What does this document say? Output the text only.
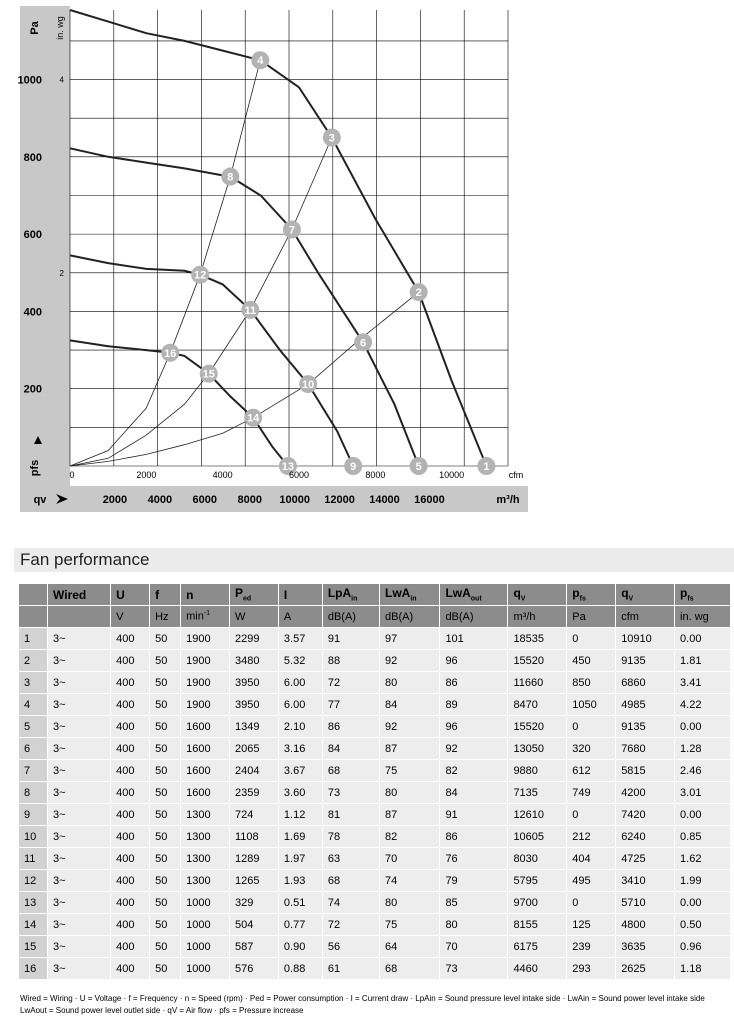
1
2
3
4
5
6
7
8
9
10
11
12
13
14
15
16
200
400
600
800
1000
2
4
Pa in. wg
pfs	0	2000	4000	6000	8000	10000	cfm
qv	2000 4000 6000 8000 10000 12000 14000 16000	m³/h
Fan performance
	Wired	U	f	n	$P_{ed}$	I	LpA$_{in}$	LwA$_{in}$	LwA$_{out}$	$q_V$	$p_{fs}$	$q_V$	$p_{fs}$
		V	Hz	$\min^{-1}$	W	A	dB(A)	dB(A)	dB(A)	m³/h	Pa	cfm	in. wg
1	3~	400	50	1900	2299	3.57	91	97	101	18535	0	10910	0.00
2	3~	400	50	1900	3480	5.32	88	92	96	15520	450	9135	1.81
3	3~	400	50	1900	3950	6.00	72	80	86	11660	850	6860	3.41
4	3~	400	50	1900	3950	6.00	77	84	89	8470	1050	4985	4.22
5	3~	400	50	1600	1349	2.10	86	92	96	15520	0	9135	0.00
6	3~	400	50	1600	2065	3.16	84	87	92	13050	320	7680	1.28
7	3~	400	50	1600	2404	3.67	68	75	82	9880	612	5815	2.46
8	3~	400	50	1600	2359	3.60	73	80	84	7135	749	4200	3.01
9	3~	400	50	1300	724	1.12	81	87	91	12610	0	7420	0.00
10	3~	400	50	1300	1108	1.69	78	82	86	10605	212	6240	0.85
11	3~	400	50	1300	1289	1.97	63	70	76	8030	404	4725	1.62
12	3~	400	50	1300	1265	1.93	68	74	79	5795	495	3410	1.99
13	3~	400	50	1000	329	0.51	74	80	85	9700	0	5710	0.00
14	3~	400	50	1000	504	0.77	72	75	80	8155	125	4800	0.50
15	3~	400	50	1000	587	0.90	56	64	70	6175	239	3635	0.96
16	3~	400	50	1000	576	0.88	61	68	73	4460	293	2625	1.18
Wired = Wiring · U = Voltage · f = Frequency · n = Speed (rpm) · Ped = Power consumption · I = Current draw · LpAin = Sound pressure level intake side · LwAin = Sound power level intake side
LwAout = Sound power level outlet side · qV = Air flow · pfs = Pressure increase
